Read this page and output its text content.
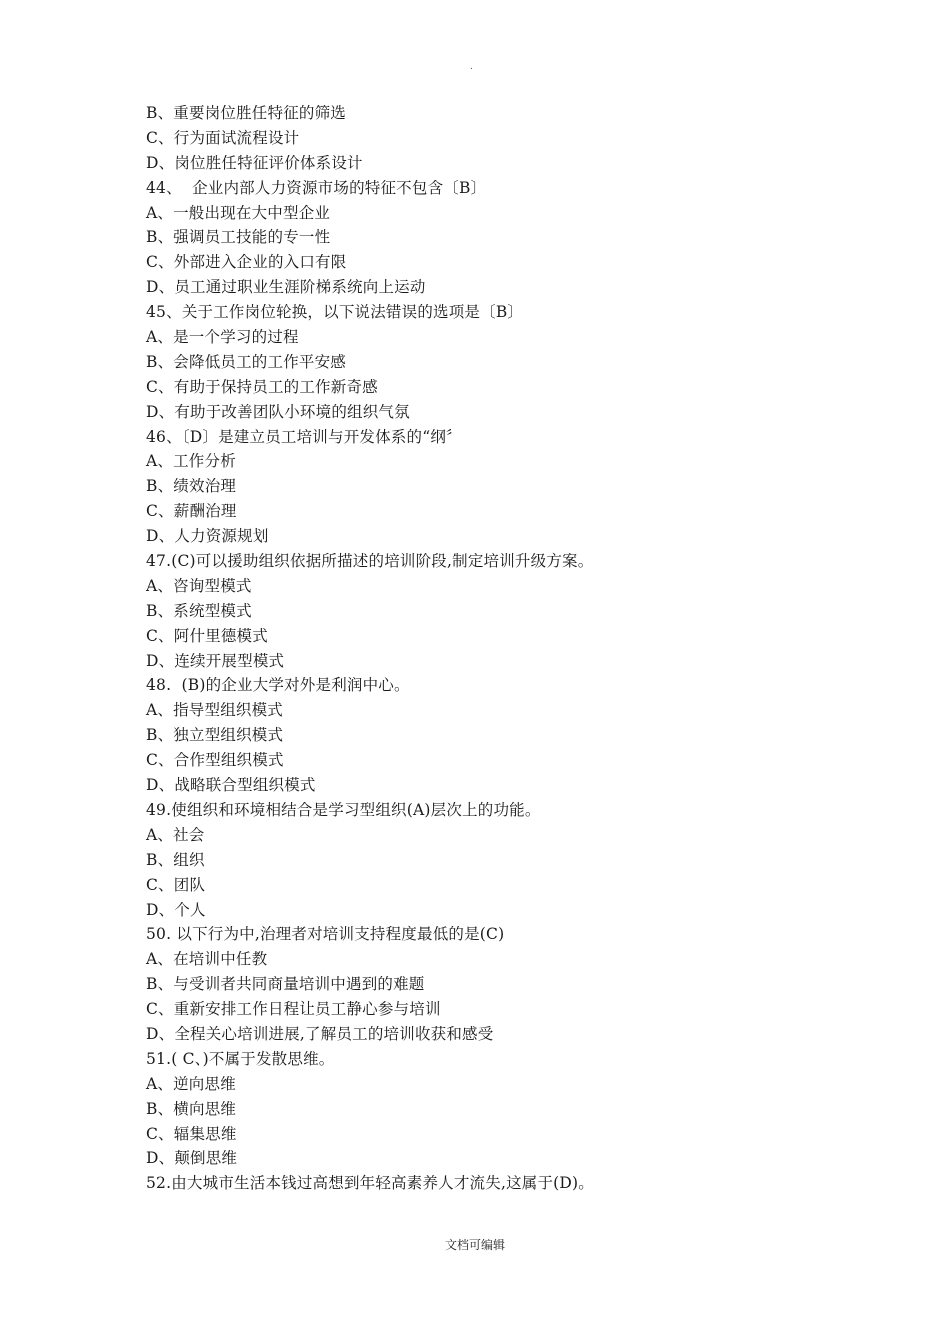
.
B、重要岗位胜任特征的筛选
C、行为面试流程设计
D、岗位胜任特征评价体系设计
44、  企业内部人力资源市场的特征不包含〔B〕
A、一般出现在大中型企业
B、强调员工技能的专一性
C、外部进入企业的入口有限
D、员工通过职业生涯阶梯系统向上运动
45、关于工作岗位轮换，以下说法错误的选项是〔B〕
A、是一个学习的过程
B、会降低员工的工作平安感
C、有助于保持员工的工作新奇感
D、有助于改善团队小环境的组织气氛
46、〔D〕是建立员工培训与开发体系的“纲〞
A、工作分析
B、绩效治理
C、薪酬治理
D、人力资源规划
47.(C)可以援助组织依据所描述的培训阶段,制定培训升级方案。
A、咨询型模式
B、系统型模式
C、阿什里德模式
D、连续开展型模式
48.  (B)的企业大学对外是利润中心。
A、指导型组织模式
B、独立型组织模式
C、合作型组织模式
D、战略联合型组织模式
49.使组织和环境相结合是学习型组织(A)层次上的功能。
A、社会
B、组织
C、团队
D、个人
50. 以下行为中,治理者对培训支持程度最低的是(C)
A、在培训中任教
B、与受训者共同商量培训中遇到的难题
C、重新安排工作日程让员工静心参与培训
D、全程关心培训进展,了解员工的培训收获和感受
51.( C、)不属于发散思维。
A、逆向思维
B、横向思维
C、辐集思维
D、颠倒思维
52.由大城市生活本钱过高想到年轻高素养人才流失,这属于(D)。
文档可编辑
